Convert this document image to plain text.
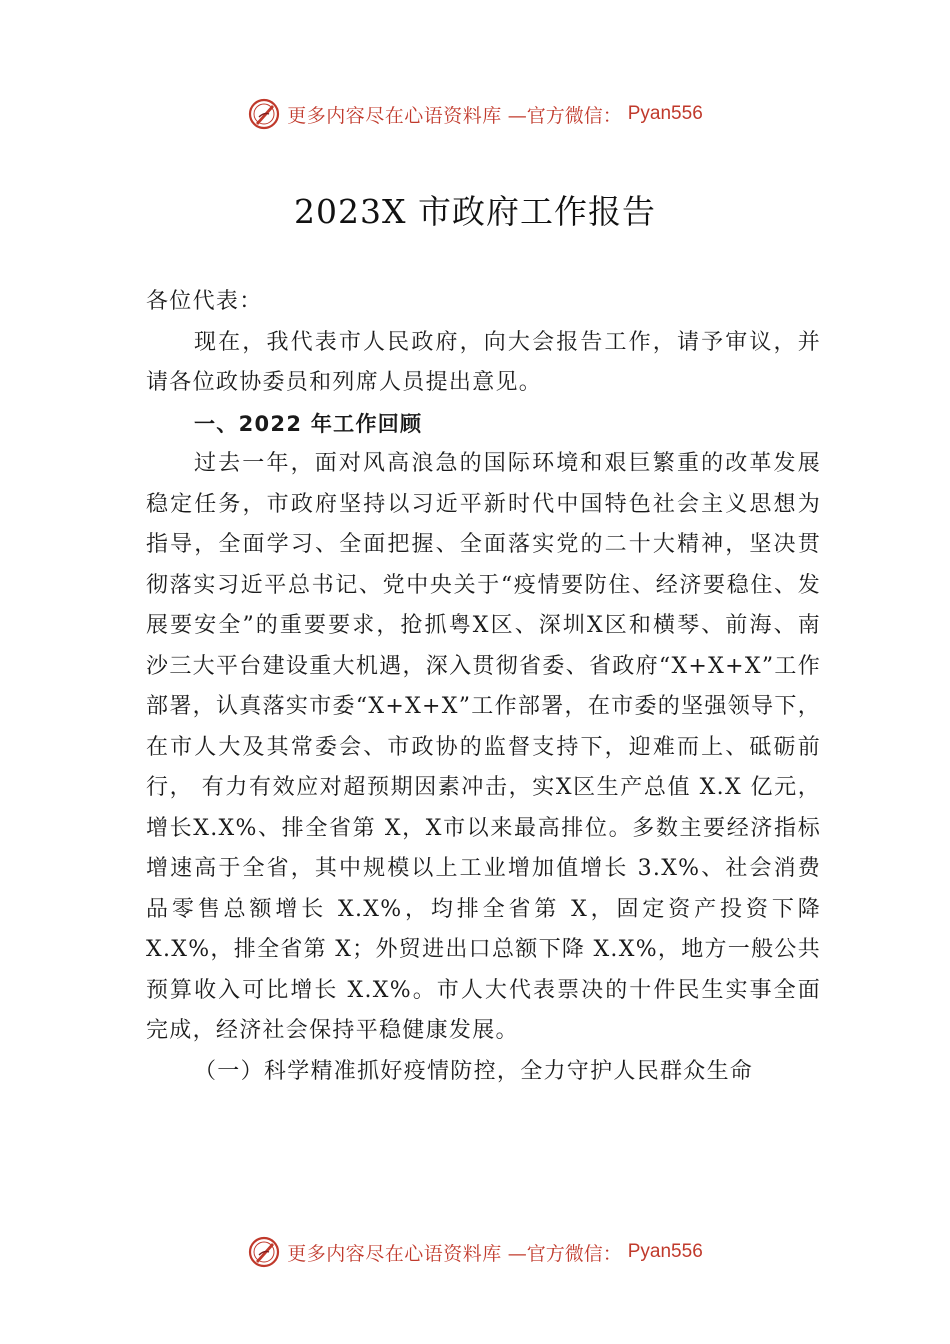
更多内容尽在心语资料库 —官方微信： Pyan556
2023X 市政府工作报告

各位代表：

现在，我代表市人民政府，向大会报告工作，请予审议，并请各位政协委员和列席人员提出意见。

一、2022 年工作回顾

过去一年，面对风高浪急的国际环境和艰巨繁重的改革发展稳定任务，市政府坚持以习近平新时代中国特色社会主义思想为指导，全面学习、全面把握、全面落实党的二十大精神，坚决贯彻落实习近平总书记、党中央关于“疫情要防住、经济要稳住、发展要安全”的重要要求，抢抓粤X区、深圳X区和横琴、前海、南沙三大平台建设重大机遇，深入贯彻省委、省政府“X+X+X”工作部署，认真落实市委“X+X+X”工作部署，在市委的坚强领导下，在市人大及其常委会、市政协的监督支持下，迎难而上、砥砺前行， 有力有效应对超预期因素冲击，实X区生产总值 X.X 亿元，增长X.X%、排全省第 X，X市以来最高排位。多数主要经济指标增速高于全省，其中规模以上工业增加值增长 3.X%、社会消费品零售总额增长 X.X%，均排全省第 X，固定资产投资下降 X.X%，排全省第 X；外贸进出口总额下降 X.X%，地方一般公共预算收入可比增长 X.X%。市人大代表票决的十件民生实事全面完成，经济社会保持平稳健康发展。

（一）科学精准抓好疫情防控，全力守护人民群众生命

更多内容尽在心语资料库 —官方微信： Pyan556
